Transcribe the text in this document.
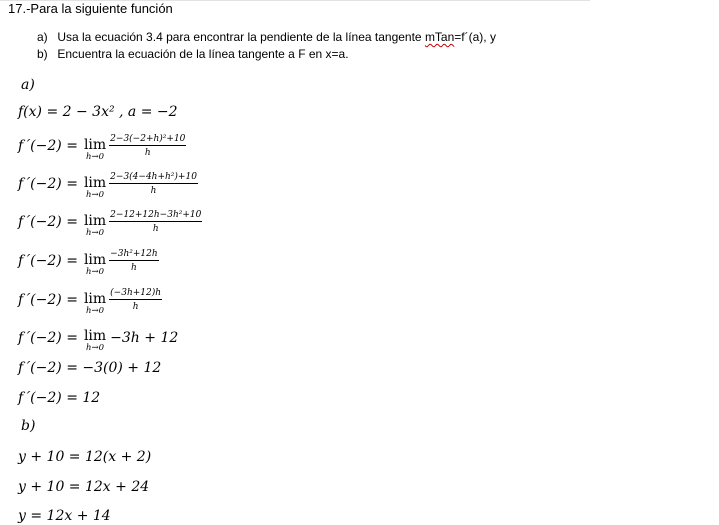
17.-Para la siguiente función
a) Usa la ecuación 3.4 para encontrar la pendiente de la línea tangente mTan=f´(a), y
b) Encuentra la ecuación de la línea tangente a F en x=a.
a)
f(x) = 2 − 3x² , a = −2
f´(−2) = lim
$h\to 0 \frac{\text{2−3(−2+h)²+10}}{h}$
f´(−2) = lim
$h\to 0 \frac{\text{2−3(4−4h+h²)+10}}{h}$
f´(−2) = lim
$h\to 0 \frac{\text{2−12+12h−3h²+10}}{h}$
f´(−2) = lim
$h\to 0 \frac{\text{−3h²+12h}}{h}$
f´(−2) = lim
$h\to 0 \frac{(-3h+12)h}{h}$
f´(−2) = lim
h→0
−3h + 12
f´(−2) = −3(0) + 12
f´(−2) = 12
b)
y + 10 = 12(x + 2)
y + 10 = 12x + 24
y = 12x + 14
